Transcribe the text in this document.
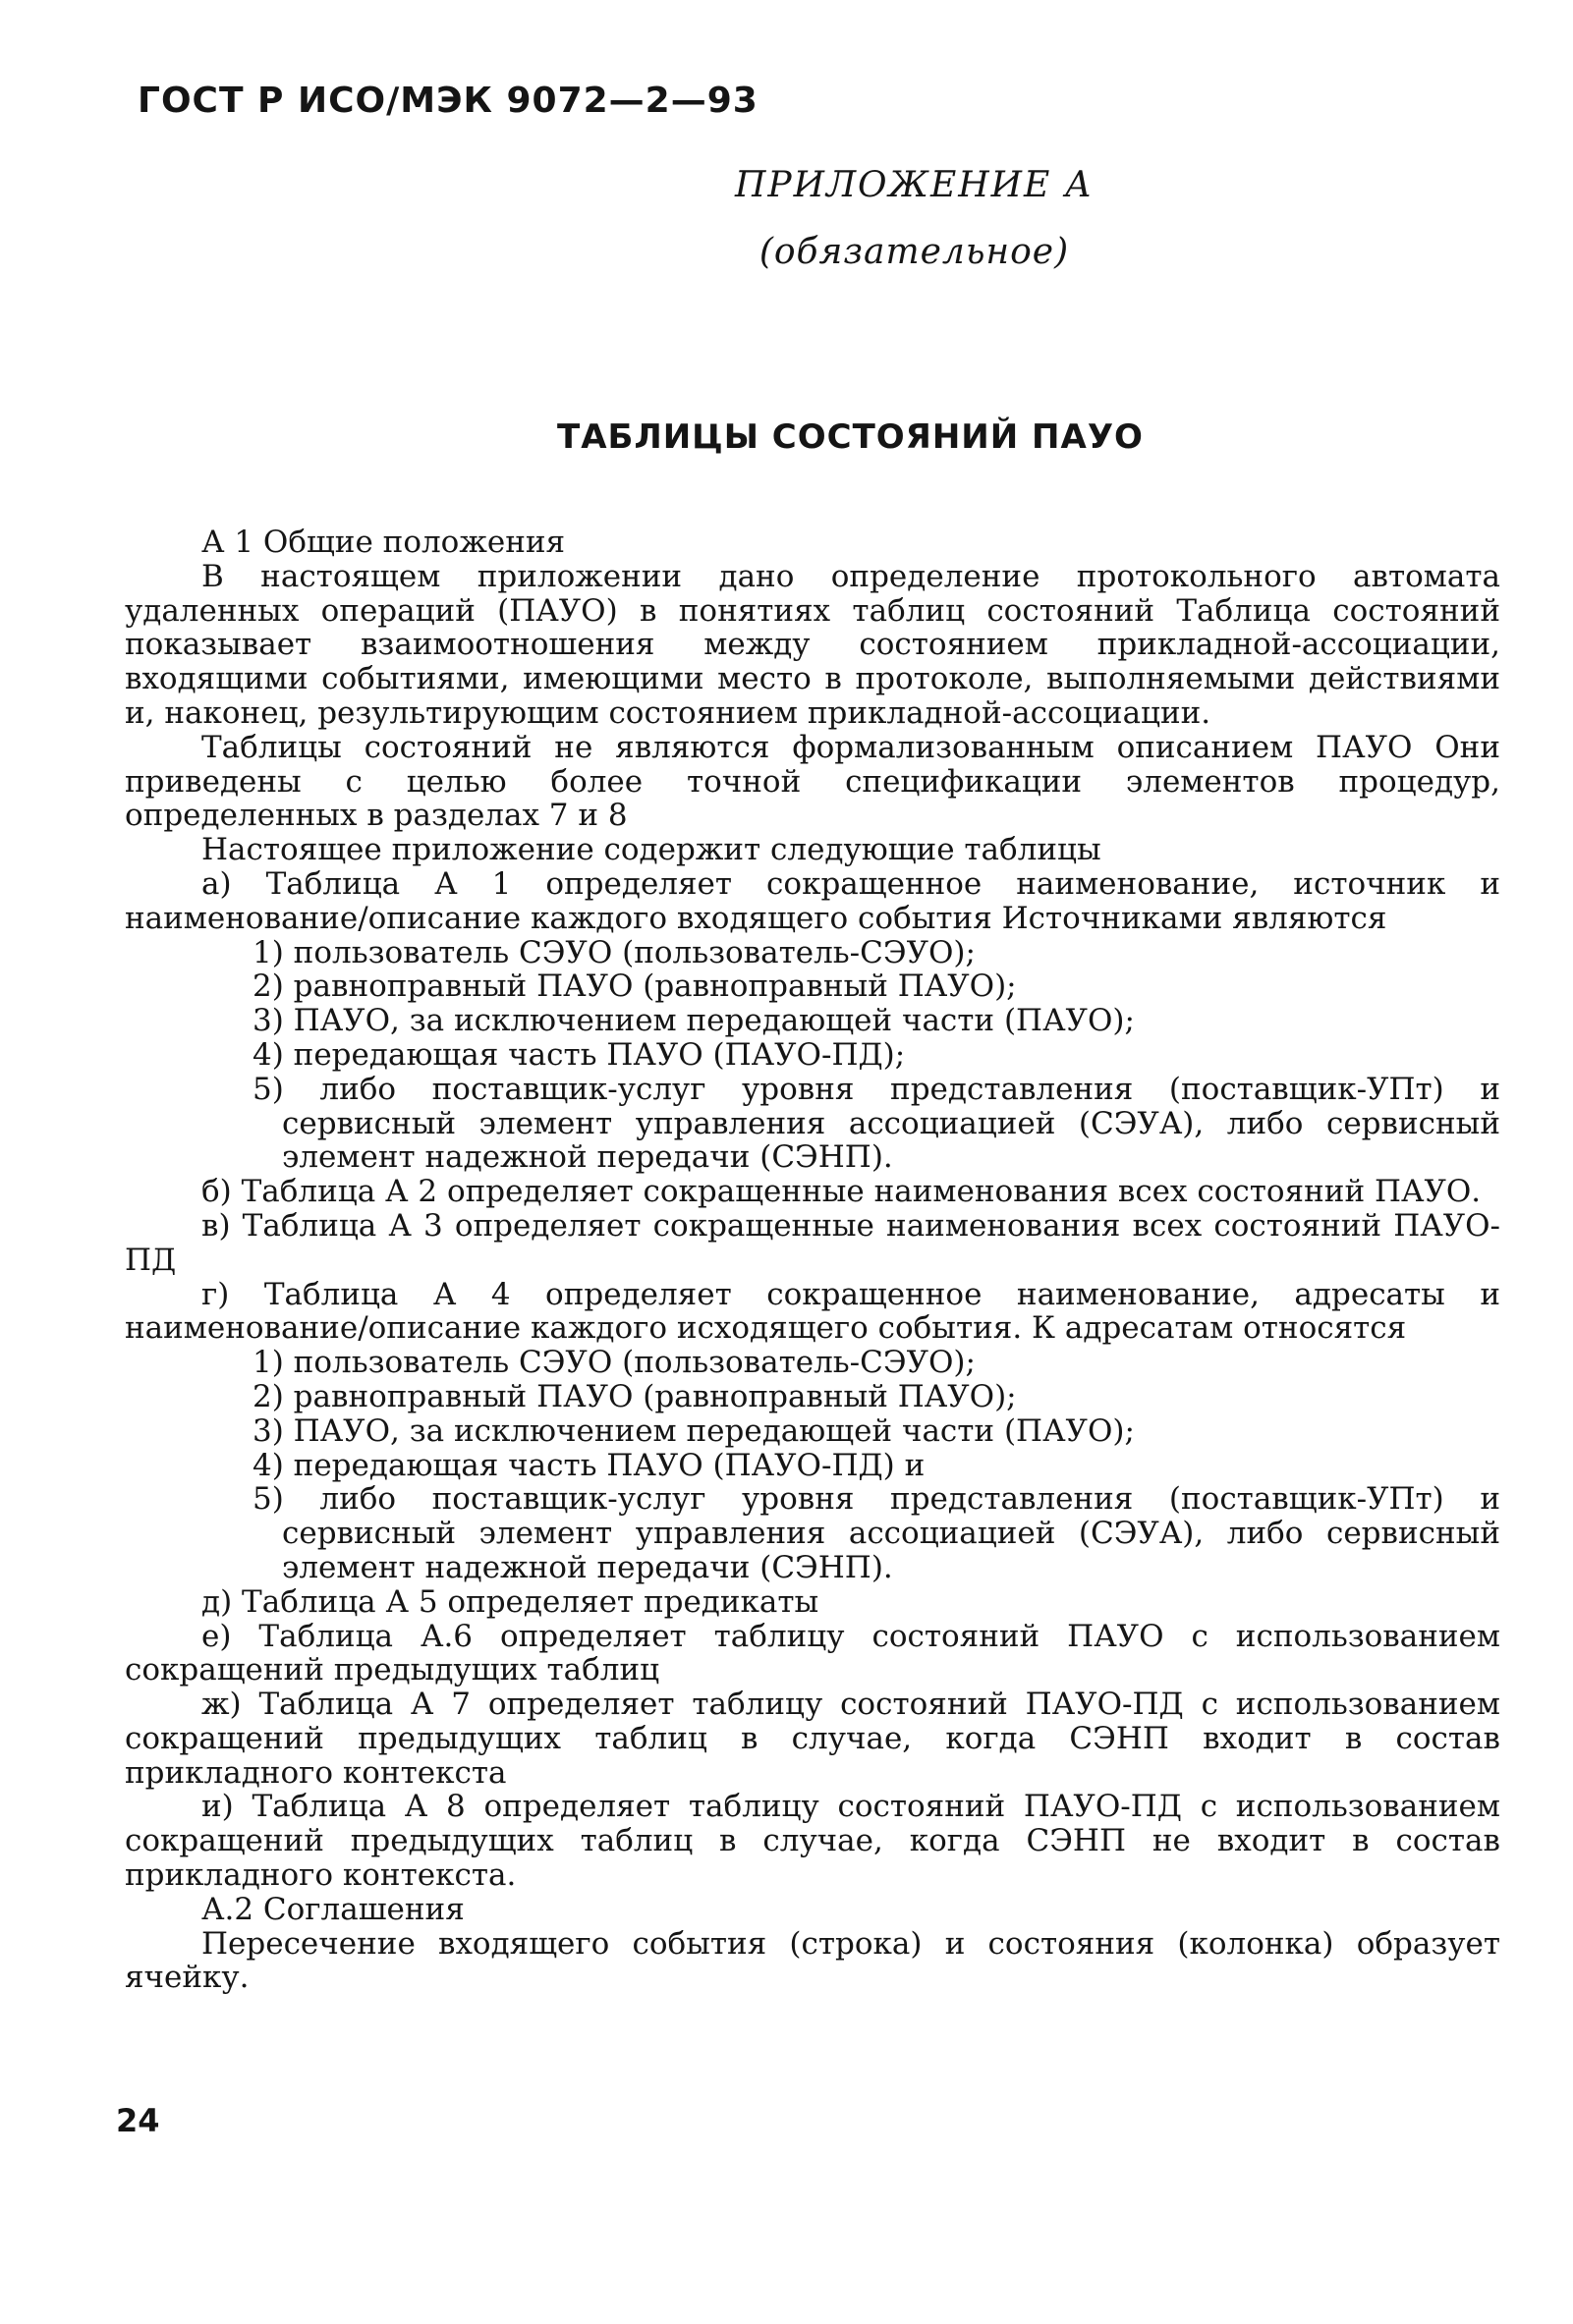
ГОСТ Р ИСО/МЭК 9072—2—93
ПРИЛОЖЕНИЕ А
(обязательное)
ТАБЛИЦЫ СОСТОЯНИЙ ПАУО

А 1 Общие положения

В настоящем приложении дано определение протокольного автомата удаленных операций (ПАУО) в понятиях таблиц состояний Таблица состояний показывает взаимоотношения между состоянием прикладной-ассоциации, входящими событиями, имеющими место в протоколе, выполняемыми действиями и, наконец, результирующим состоянием прикладной-ассоциации.

Таблицы состояний не являются формализованным описанием ПАУО Они приведены с целью более точной спецификации элементов процедур, определенных в разделах 7 и 8

Настоящее приложение содержит следующие таблицы

а) Таблица А 1 определяет сокращенное наименование, источник и наименование/описание каждого входящего события Источниками являются

1) пользователь СЭУО (пользователь-СЭУО);

2) равноправный ПАУО (равноправный ПАУО);

3) ПАУО, за исключением передающей части (ПАУО);

4) передающая часть ПАУО (ПАУО-ПД);

5) либо поставщик-услуг уровня представления (поставщик-УПт) и сервисный элемент управления ассоциацией (СЭУА), либо сервисный элемент надежной передачи (СЭНП).

б) Таблица А 2 определяет сокращенные наименования всех состояний ПАУО.

в) Таблица А 3 определяет сокращенные наименования всех состояний ПАУО-ПД

г) Таблица А 4 определяет сокращенное наименование, адресаты и наименование/описание каждого исходящего события. К адресатам относятся

1) пользователь СЭУО (пользователь-СЭУО);

2) равноправный ПАУО (равноправный ПАУО);

3) ПАУО, за исключением передающей части (ПАУО);

4) передающая часть ПАУО (ПАУО-ПД) и

5) либо поставщик-услуг уровня представления (поставщик-УПт) и сервисный элемент управления ассоциацией (СЭУА), либо сервисный элемент надежной передачи (СЭНП).

д) Таблица А 5 определяет предикаты

е) Таблица А.6 определяет таблицу состояний ПАУО с использованием сокращений предыдущих таблиц

ж) Таблица А 7 определяет таблицу состояний ПАУО-ПД с использованием сокращений предыдущих таблиц в случае, когда СЭНП входит в состав прикладного контекста

и) Таблица А 8 определяет таблицу состояний ПАУО-ПД с использованием сокращений предыдущих таблиц в случае, когда СЭНП не входит в состав прикладного контекста.

А.2 Соглашения

Пересечение входящего события (строка) и состояния (колонка) образует ячейку.

24
